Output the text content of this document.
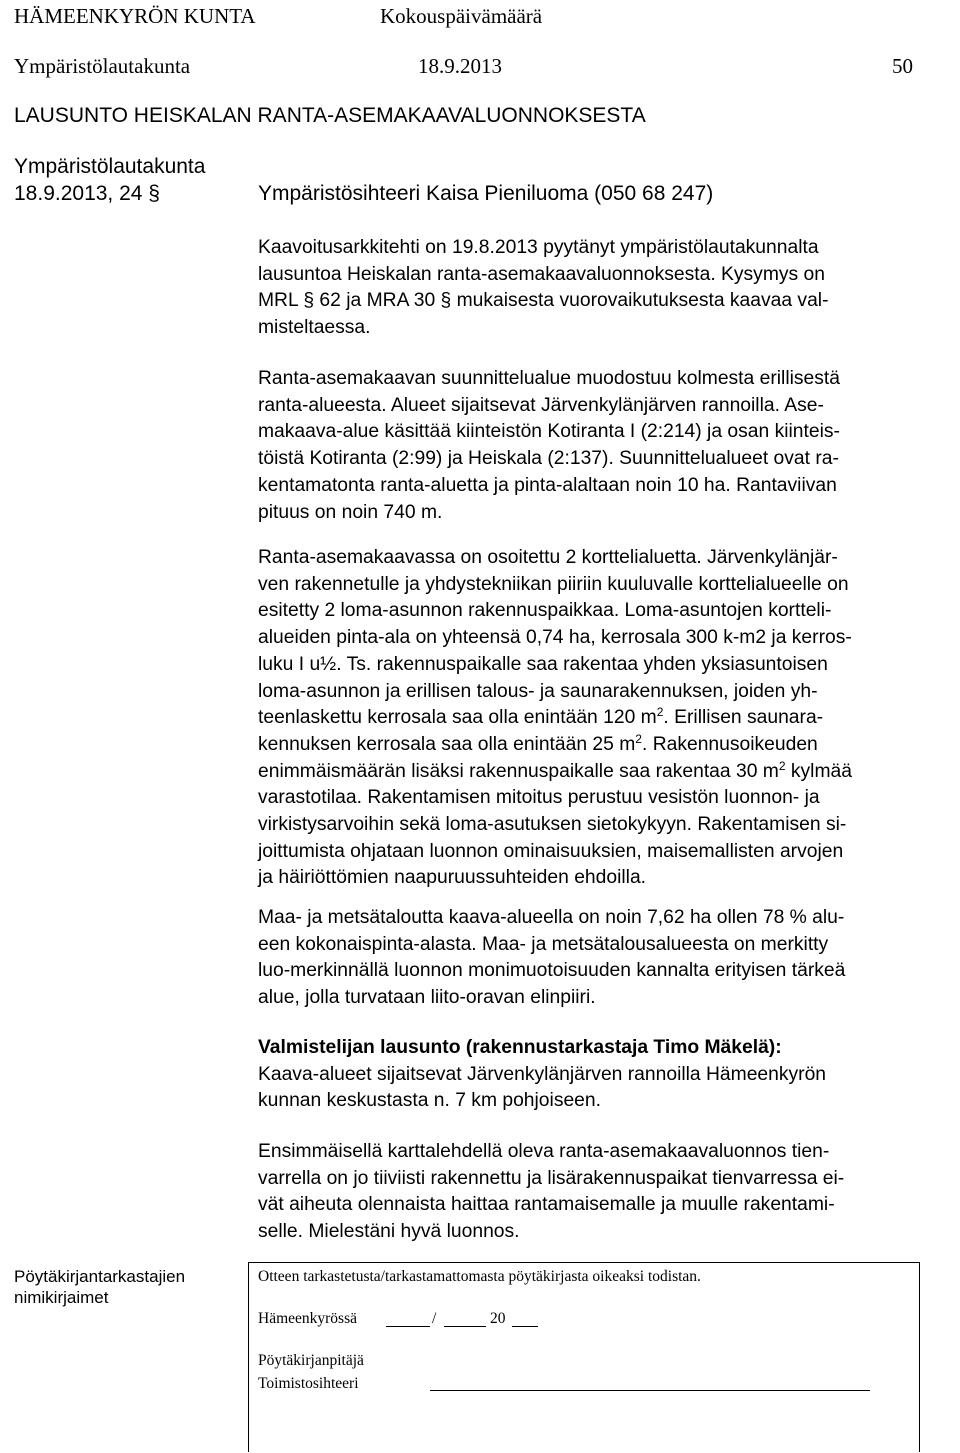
HÄMEENKYRÖN KUNTA	Kokouspäivämäärä
Ympäristölautakunta	18.9.2013	50
LAUSUNTO HEISKALAN RANTA-ASEMAKAAVALUONNOKSESTA
Ympäristölautakunta
18.9.2013, 24 §	Ympäristösihteeri Kaisa Pieniluoma (050 68 247)

Kaavoitusarkkitehti on 19.8.2013 pyytänyt ympäristölautakunnalta

lausuntoa Heiskalan ranta-asemakaavaluonnoksesta. Kysymys on

MRL § 62 ja MRA 30 § mukaisesta vuorovaikutuksesta kaavaa val-

misteltaessa.

Ranta-asemakaavan suunnittelualue muodostuu kolmesta erillisestä

ranta-alueesta. Alueet sijaitsevat Järvenkylänjärven rannoilla. Ase-

makaava-alue käsittää kiinteistön Kotiranta I (2:214) ja osan kiinteis-

töistä Kotiranta (2:99) ja Heiskala (2:137). Suunnittelualueet ovat ra-

kentamatonta ranta-aluetta ja pinta-alaltaan noin 10 ha. Rantaviivan

pituus on noin 740 m.

Ranta-asemakaavassa on osoitettu 2 korttelialuetta. Järvenkylänjär-

ven rakennetulle ja yhdystekniikan piiriin kuuluvalle korttelialueelle on

esitetty 2 loma-asunnon rakennuspaikkaa. Loma-asuntojen kortteli-

alueiden pinta-ala on yhteensä 0,74 ha, kerrosala 300 k-m2 ja kerros-

luku I u½. Ts. rakennuspaikalle saa rakentaa yhden yksiasuntoisen

loma-asunnon ja erillisen talous- ja saunarakennuksen, joiden yh-

teenlaskettu kerrosala saa olla enintään 120 $m^2$. Erillisen saunara-

kennuksen kerrosala saa olla enintään 25 $m^2$. Rakennusoikeuden

enimmäismäärän lisäksi rakennuspaikalle saa rakentaa 30 $m^2$ kylmää

varastotilaa. Rakentamisen mitoitus perustuu vesistön luonnon- ja

virkistysarvoihin sekä loma-asutuksen sietokykyyn. Rakentamisen si-

joittumista ohjataan luonnon ominaisuuksien, maisemallisten arvojen

ja häiriöttömien naapuruussuhteiden ehdoilla.

Maa- ja metsätaloutta kaava-alueella on noin 7,62 ha ollen 78 % alu-

een kokonaispinta-alasta. Maa- ja metsätalousalueesta on merkitty

luo-merkinnällä luonnon monimuotoisuuden kannalta erityisen tärkeä

alue, jolla turvataan liito-oravan elinpiiri.

Valmistelijan lausunto (rakennustarkastaja Timo Mäkelä):

Kaava-alueet sijaitsevat Järvenkylänjärven rannoilla Hämeenkyrön

kunnan keskustasta n. 7 km pohjoiseen.

Ensimmäisellä karttalehdellä oleva ranta-asemakaavaluonnos tien-

varrella on jo tiiviisti rakennettu ja lisärakennuspaikat tienvarressa ei-

vät aiheuta olennaista haittaa rantamaisemalle ja muulle rakentami-

selle. Mielestäni hyvä luonnos.

Pöytäkirjantarkastajien
nimikirjaimet
Otteen tarkastetusta/tarkastamattomasta pöytäkirjasta oikeaksi todistan.
Hämeenkyrössä	/	20
Pöytäkirjanpitäjä
Toimistosihteeri
